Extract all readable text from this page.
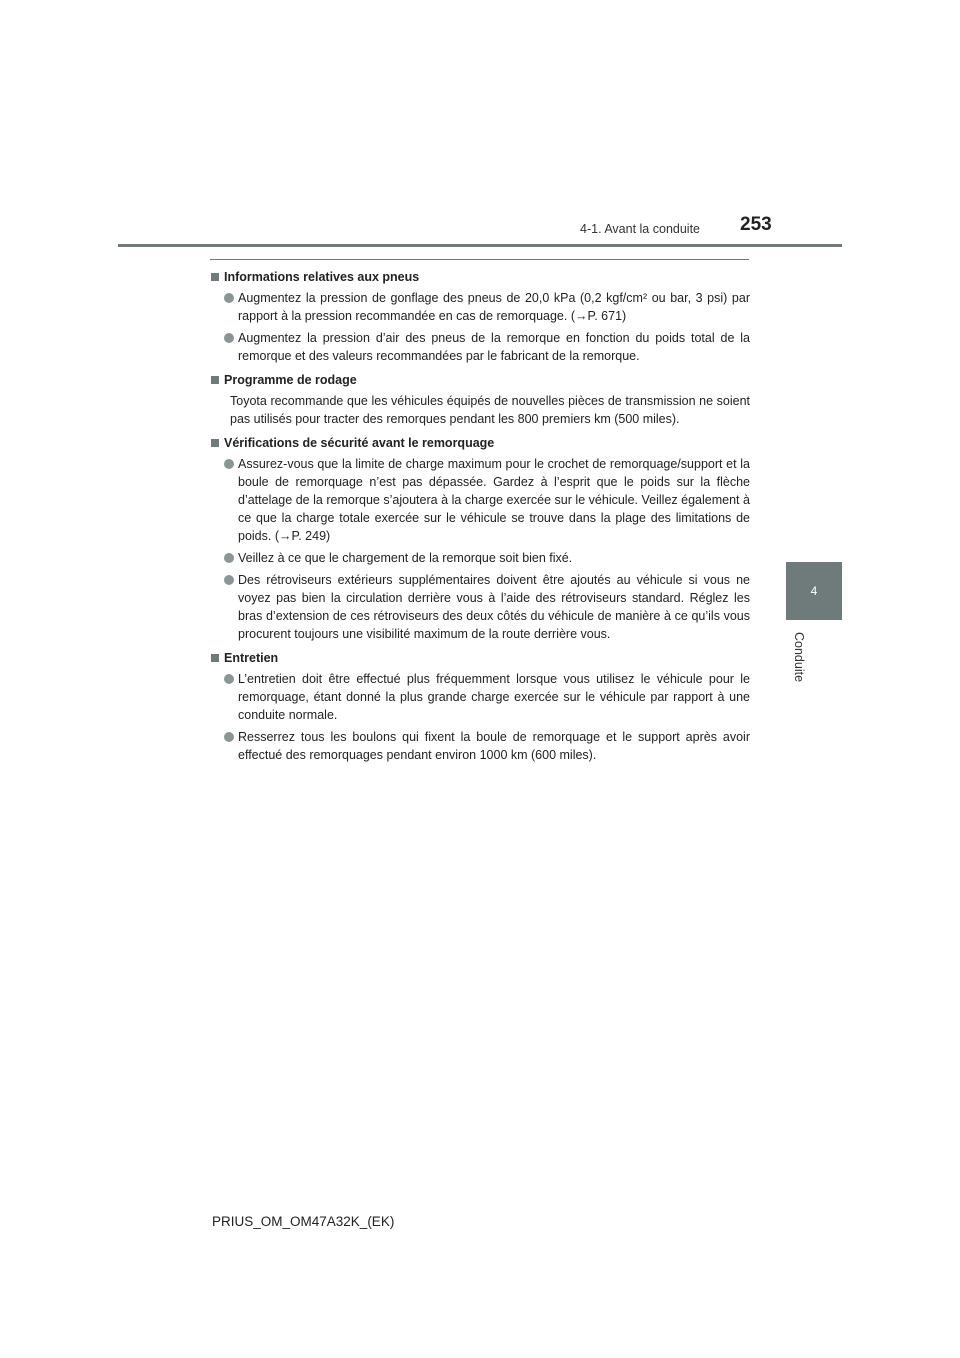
4-1. Avant la conduite 253
4
Conduite
Informations relatives aux pneus
Augmentez la pression de gonflage des pneus de 20,0 kPa (0,2 kgf/cm² ou bar, 3 psi) par rapport à la pression recommandée en cas de remorquage. (→P. 671)
Augmentez la pression d’air des pneus de la remorque en fonction du poids total de la remorque et des valeurs recommandées par le fabricant de la remorque.
Programme de rodage
Toyota recommande que les véhicules équipés de nouvelles pièces de transmission ne soient pas utilisés pour tracter des remorques pendant les 800 premiers km (500 miles).
Vérifications de sécurité avant le remorquage
Assurez-vous que la limite de charge maximum pour le crochet de remorquage/support et la boule de remorquage n’est pas dépassée. Gardez à l’esprit que le poids sur la flèche d’attelage de la remorque s’ajoutera à la charge exercée sur le véhicule. Veillez également à ce que la charge totale exercée sur le véhicule se trouve dans la plage des limitations de poids. (→P. 249)
Veillez à ce que le chargement de la remorque soit bien fixé.
Des rétroviseurs extérieurs supplémentaires doivent être ajoutés au véhicule si vous ne voyez pas bien la circulation derrière vous à l’aide des rétroviseurs standard. Réglez les bras d’extension de ces rétroviseurs des deux côtés du véhicule de manière à ce qu’ils vous procurent toujours une visibilité maximum de la route derrière vous.
Entretien
L’entretien doit être effectué plus fréquemment lorsque vous utilisez le véhicule pour le remorquage, étant donné la plus grande charge exercée sur le véhicule par rapport à une conduite normale.
Resserrez tous les boulons qui fixent la boule de remorquage et le support après avoir effectué des remorquages pendant environ 1000 km (600 miles).
PRIUS_OM_OM47A32K_(EK)
